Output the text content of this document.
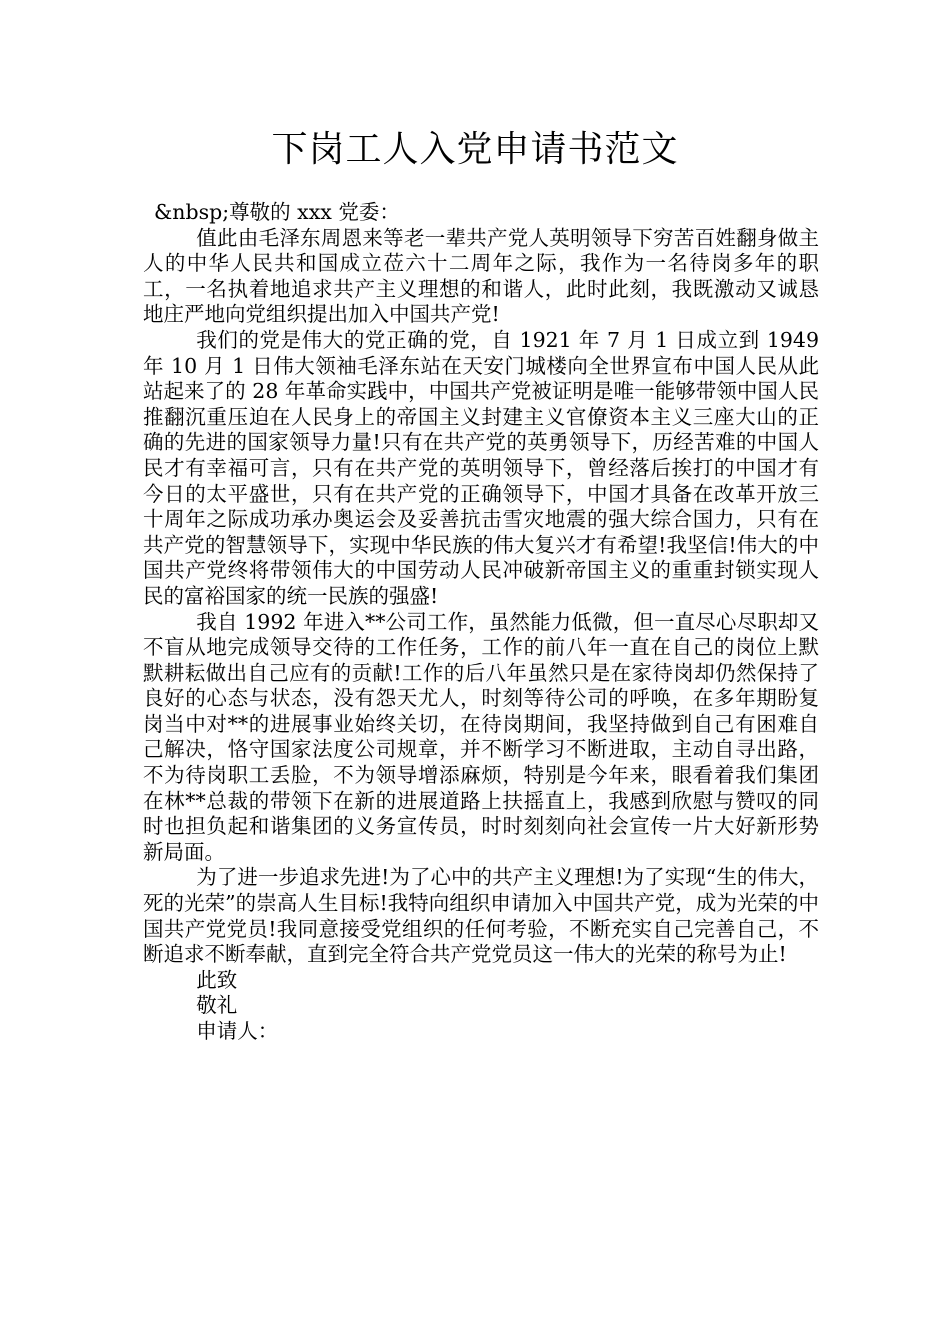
下岗工人入党申请书范文

&nbsp;尊敬的 xxx 党委：

值此由毛泽东周恩来等老一辈共产党人英明领导下穷苦百姓翻身做主人的中华人民共和国成立莅六十二周年之际，我作为一名待岗多年的职工，一名执着地追求共产主义理想的和谐人，此时此刻，我既激动又诚恳地庄严地向党组织提出加入中国共产党!

我们的党是伟大的党正确的党，自 1921 年 7 月 1 日成立到 1949 年 10 月 1 日伟大领袖毛泽东站在天安门城楼向全世界宣布中国人民从此站起来了的 28 年革命实践中，中国共产党被证明是唯一能够带领中国人民推翻沉重压迫在人民身上的帝国主义封建主义官僚资本主义三座大山的正确的先进的国家领导力量!只有在共产党的英勇领导下，历经苦难的中国人民才有幸福可言，只有在共产党的英明领导下，曾经落后挨打的中国才有今日的太平盛世，只有在共产党的正确领导下，中国才具备在改革开放三十周年之际成功承办奥运会及妥善抗击雪灾地震的强大综合国力，只有在共产党的智慧领导下，实现中华民族的伟大复兴才有希望!我坚信!伟大的中国共产党终将带领伟大的中国劳动人民冲破新帝国主义的重重封锁实现人民的富裕国家的统一民族的强盛!

我自 1992 年进入**公司工作，虽然能力低微，但一直尽心尽职却又不盲从地完成领导交待的工作任务，工作的前八年一直在自己的岗位上默默耕耘做出自己应有的贡献!工作的后八年虽然只是在家待岗却仍然保持了良好的心态与状态，没有怨天尤人，时刻等待公司的呼唤，在多年期盼复岗当中对**的进展事业始终关切，在待岗期间，我坚持做到自己有困难自己解决，恪守国家法度公司规章，并不断学习不断进取，主动自寻出路，不为待岗职工丢脸，不为领导增添麻烦，特别是今年来，眼看着我们集团在林**总裁的带领下在新的进展道路上扶摇直上，我感到欣慰与赞叹的同时也担负起和谐集团的义务宣传员，时时刻刻向社会宣传一片大好新形势新局面。

为了进一步追求先进!为了心中的共产主义理想!为了实现“生的伟大，死的光荣”的崇高人生目标!我特向组织申请加入中国共产党，成为光荣的中国共产党党员!我同意接受党组织的任何考验，不断充实自己完善自己，不断追求不断奉献，直到完全符合共产党党员这一伟大的光荣的称号为止!

此致

敬礼

申请人：
